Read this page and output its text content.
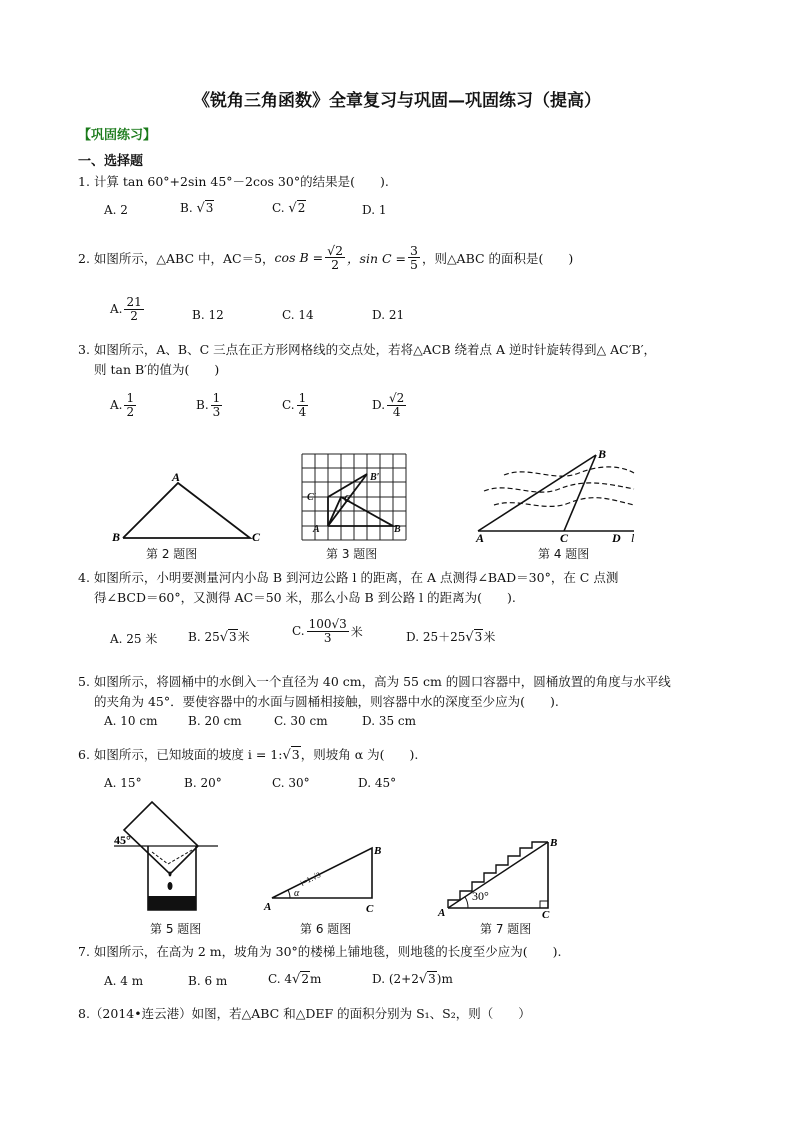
《锐角三角函数》全章复习与巩固—巩固练习（提高）
【巩固练习】
一、选择题
1. 计算 tan 60°+2sin 45°－2cos 30°的结果是(　　).
A. 2	B. √3	C. √2	D. 1
2. 如图所示，△ABC 中，AC＝5， $\cos B = \frac{√2}{2}$ ，$\sin C = \frac{3}{5}$ ，则△ABC 的面积是(　　)
A. $\frac{21}{2}$	B. 12	C. 14	D. 21
3. 如图所示，A、B、C 三点在正方形网格线的交点处，若将△ACB 绕着点 A 逆时针旋转得到△ AC′B′，
则 tan B′的值为(　　)
A. $\frac{1}{2}$	B. $\frac{1}{3}$	C. $\frac{1}{4}$	D. $\frac{√2}{4}$
A
B	C
第 2 题图
A
C
B
C′
B′
第 3 题图
A	C	D l
B
第 4 题图
4. 如图所示，小明要测量河内小岛 B 到河边公路 l 的距离，在 A 点测得∠BAD＝30°，在 C 点测
得∠BCD＝60°，又测得 AC＝50 米，那么小岛 B 到公路 l 的距离为(　　).
A. 25 米	B. 25√3米	C. $\frac{100√3}{3}$ 米	D. 25＋25√3米
5. 如图所示，将圆桶中的水倒入一个直径为 40 cm，高为 55 cm 的圆口容器中，圆桶放置的角度与水平线
的夹角为 45°．要使容器中的水面与圆桶相接触，则容器中水的深度至少应为(　　).
A. 10 cm	B. 20 cm	C. 30 cm	D. 35 cm
6. 如图所示，已知坡面的坡度 i = 1:√3，则坡角 α 为(　　).
A. 15°	B. 20°	C. 30°	D. 45°
45°
第 5 题图
α
i=1:√3
A
B
C
第 6 题图
30°
A
B
C
第 7 题图
7. 如图所示，在高为 2 m，坡角为 30°的楼梯上铺地毯，则地毯的长度至少应为(　　).
A. 4 m	B. 6 m	C. 4√2m	D. (2+2√3)m
8.（2014•连云港）如图，若△ABC 和△DEF 的面积分别为 S₁、S₂，则（　　）
